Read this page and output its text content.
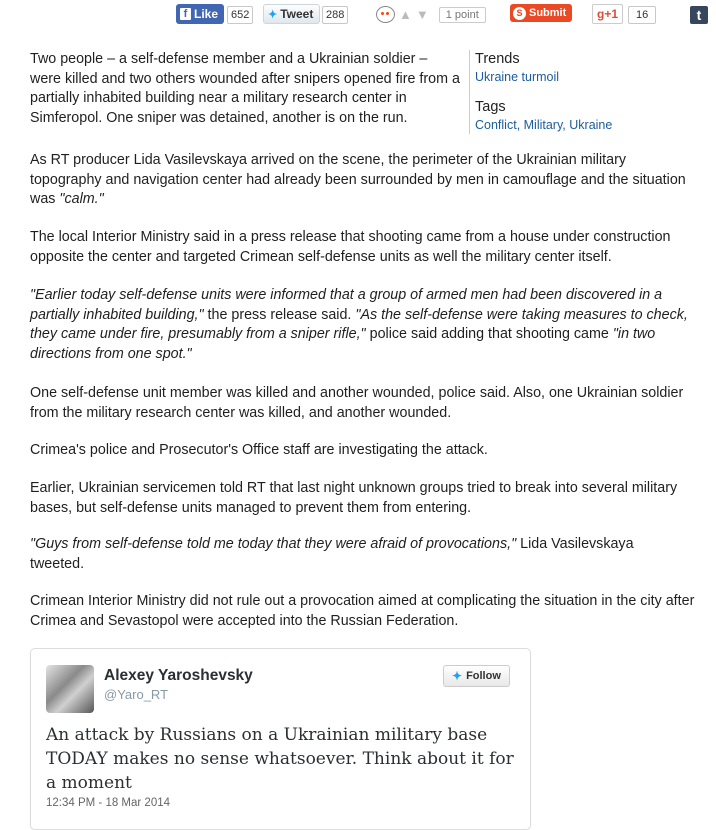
f Like	652	✦ Tweet	288	▲ ▼	1 point	S Submit	g +1	16	t
Trends
Ukraine turmoil
Tags
Conflict, Military, Ukraine

Two people – a self-defense member and a Ukrainian soldier – were killed and two others wounded after snipers opened fire from a partially inhabited building near a military research center in Simferopol. One sniper was detained, another is on the run.

As RT producer Lida Vasilevskaya arrived on the scene, the perimeter of the Ukrainian military topography and navigation center had already been surrounded by men in camouflage and the situation was "calm."

The local Interior Ministry said in a press release that shooting came from a house under construction opposite the center and targeted Crimean self-defense units as well the military center itself.

"Earlier today self-defense units were informed that a group of armed men had been discovered in a partially inhabited building," the press release said. "As the self-defense were taking measures to check, they came under fire, presumably from a sniper rifle," police said adding that shooting came "in two directions from one spot."

One self-defense unit member was killed and another wounded, police said. Also, one Ukrainian soldier from the military research center was killed, and another wounded.

Crimea's police and Prosecutor's Office staff are investigating the attack.

Earlier, Ukrainian servicemen told RT that last night unknown groups tried to break into several military bases, but self-defense units managed to prevent them from entering.

"Guys from self-defense told me today that they were afraid of provocations," Lida Vasilevskaya tweeted.

Crimean Interior Ministry did not rule out a provocation aimed at complicating the situation in the city after Crimea and Sevastopol were accepted into the Russian Federation.

Alexey Yaroshevsky
@Yaro_RT
✦ Follow
An attack by Russians on a Ukrainian military base TODAY makes no sense whatsoever. Think about it for a moment
12:34 PM - 18 Mar 2014
